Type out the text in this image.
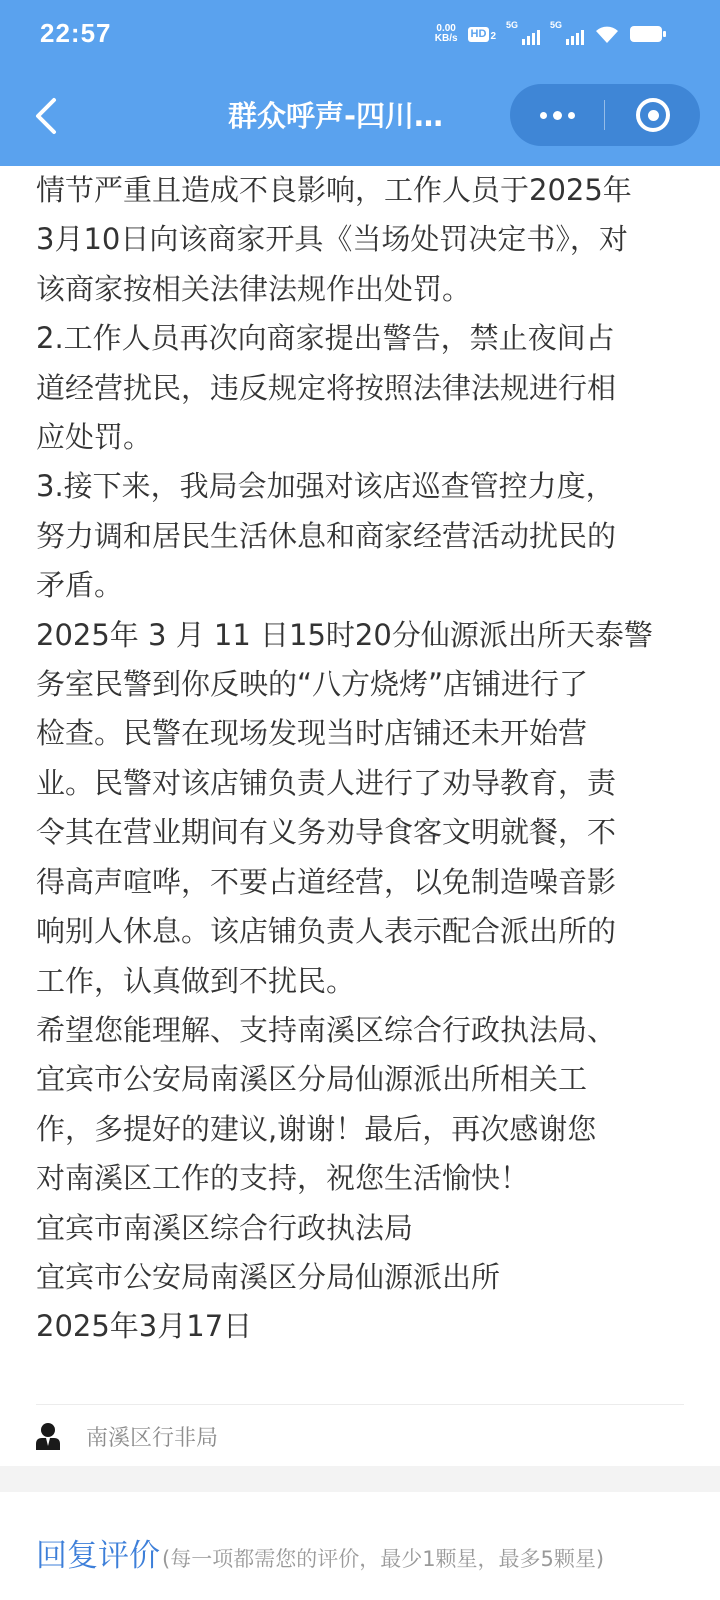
22:57	0.00
KB/s HD 2
5G	5G
群众呼声-四川…

情节严重且造成不良影响，工作人员于2025年

3月10日向该商家开具《当场处罚决定书》，对

该商家按相关法律法规作出处罚。

2.工作人员再次向商家提出警告，禁止夜间占

道经营扰民，违反规定将按照法律法规进行相

应处罚。

3.接下来，我局会加强对该店巡查管控力度，

努力调和居民生活休息和商家经营活动扰民的

矛盾。

2025年 3 月 11 日15时20分仙源派出所天泰警

务室民警到你反映的“八方烧烤”店铺进行了

检查。民警在现场发现当时店铺还未开始营

业。民警对该店铺负责人进行了劝导教育，责

令其在营业期间有义务劝导食客文明就餐，不

得高声喧哗，不要占道经营，以免制造噪音影

响别人休息。该店铺负责人表示配合派出所的

工作，认真做到不扰民。

希望您能理解、支持南溪区综合行政执法局、

宜宾市公安局南溪区分局仙源派出所相关工

作，多提好的建议,谢谢！最后，再次感谢您

对南溪区工作的支持，祝您生活愉快！

宜宾市南溪区综合行政执法局

宜宾市公安局南溪区分局仙源派出所

2025年3月17日

南溪区行非局
回复评价 (每一项都需您的评价，最少1颗星，最多5颗星)
